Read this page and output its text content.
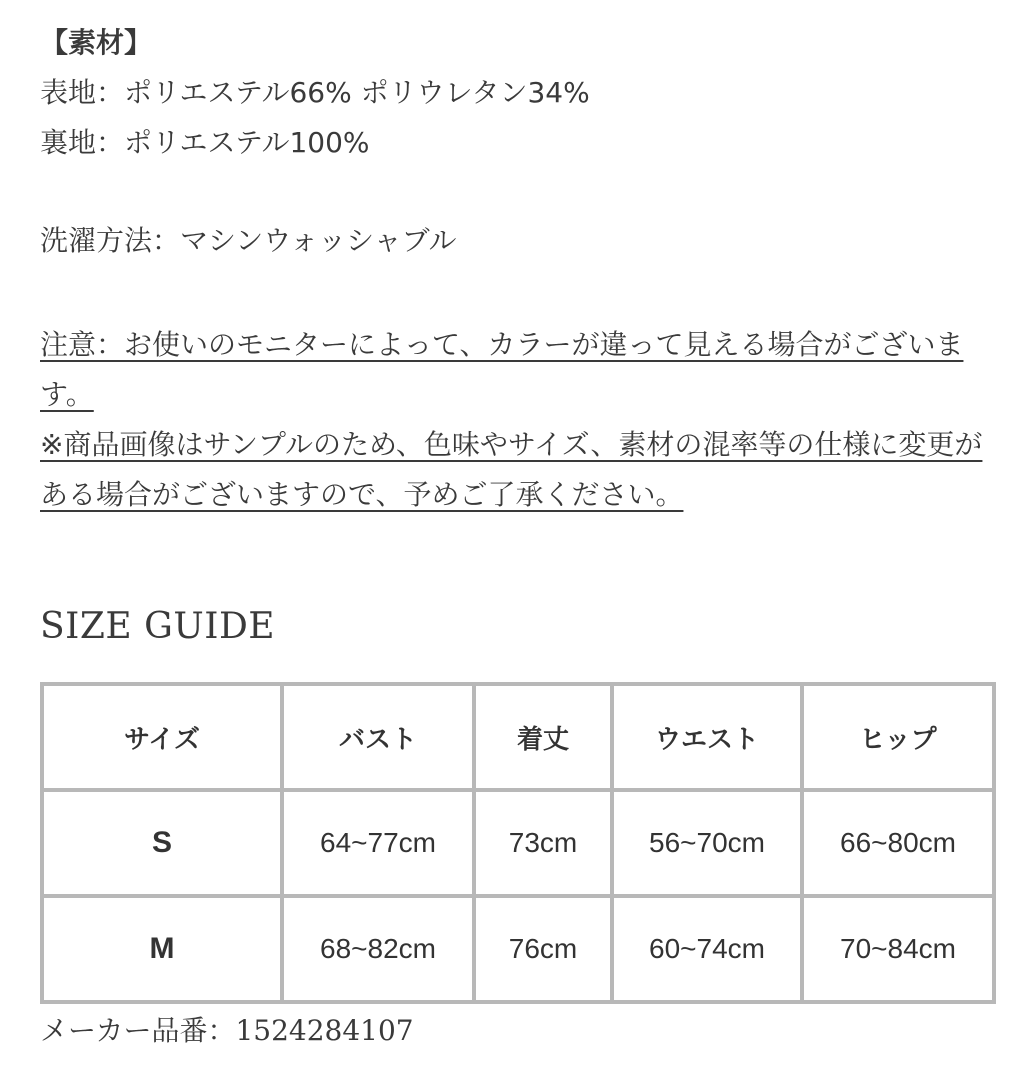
【素材】
表地：ポリエステル66% ポリウレタン34%
裏地：ポリエステル100%
洗濯方法：マシンウォッシャブル
注意：お使いのモニターによって、カラーが違って見える場合がございます。
※商品画像はサンプルのため、色味やサイズ、素材の混率等の仕様に変更がある場合がございますので、予めご了承ください。
SIZE GUIDE
サイズ	バスト	着丈	ウエスト	ヒップ
S	64~77cm	73cm	56~70cm	66~80cm
M	68~82cm	76cm	60~74cm	70~84cm
メーカー品番：1524284107
